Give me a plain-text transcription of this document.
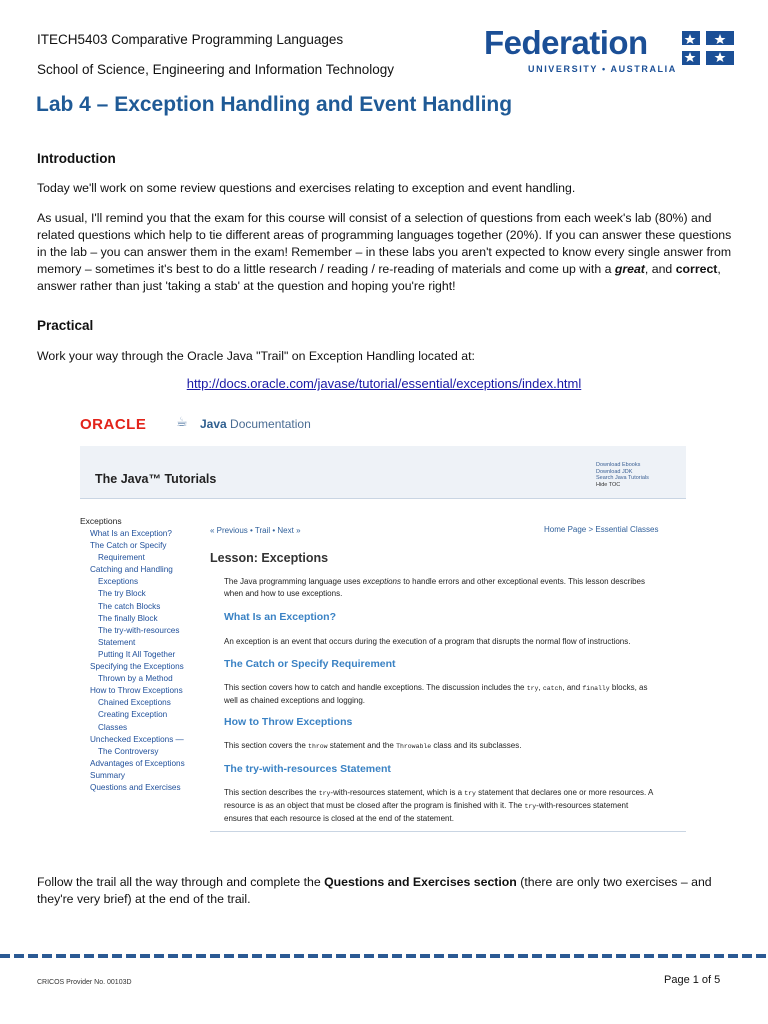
ITECH5403 Comparative Programming Languages
School of Science, Engineering and Information Technology
Federation
UNIVERSITY • AUSTRALIA
Lab 4 – Exception Handling and Event Handling
Introduction

Today we'll work on some review questions and exercises relating to exception and event handling.

As usual, I'll remind you that the exam for this course will consist of a selection of questions from each week's lab (80%) and related questions which help to tie different areas of programming languages together (20%). If you can answer these questions in the lab – you can answer them in the exam! Remember – in these labs you aren't expected to know every single answer from memory – sometimes it's best to do a little research / reading / re-reading of materials and come up with a great, and correct, answer rather than just 'taking a stab' at the question and hoping you're right!

Practical

Work your way through the Oracle Java "Trail" on Exception Handling located at:

http://docs.oracle.com/javase/tutorial/essential/exceptions/index.html
ORACLE ☕ Java Documentation
The Java™ Tutorials
Download Ebooks
Download JDK
Search Java Tutorials
Hide TOC
Exceptions
What Is an Exception?
The Catch or Specify
Requirement
Catching and Handling
Exceptions
The try Block
The catch Blocks
The finally Block
The try-with-resources
Statement
Putting It All Together
Specifying the Exceptions
Thrown by a Method
How to Throw Exceptions
Chained Exceptions
Creating Exception
Classes
Unchecked Exceptions —
The Controversy
Advantages of Exceptions
Summary
Questions and Exercises
« Previous • Trail • Next »	Home Page > Essential Classes
Lesson: Exceptions
The Java programming language uses exceptions to handle errors and other exceptional events. This lesson describes when and how to use exceptions.
What Is an Exception?
An exception is an event that occurs during the execution of a program that disrupts the normal flow of instructions.
The Catch or Specify Requirement
This section covers how to catch and handle exceptions. The discussion includes the try, catch, and finally blocks, as well as chained exceptions and logging.
How to Throw Exceptions
This section covers the throw statement and the Throwable class and its subclasses.
The try-with-resources Statement
This section describes the try-with-resources statement, which is a try statement that declares one or more resources. A resource is as an object that must be closed after the program is finished with it. The try-with-resources statement ensures that each resource is closed at the end of the statement.

Follow the trail all the way through and complete the Questions and Exercises section (there are only two exercises – and they're very brief) at the end of the trail.

CRICOS Provider No. 00103D	Page 1 of 5
